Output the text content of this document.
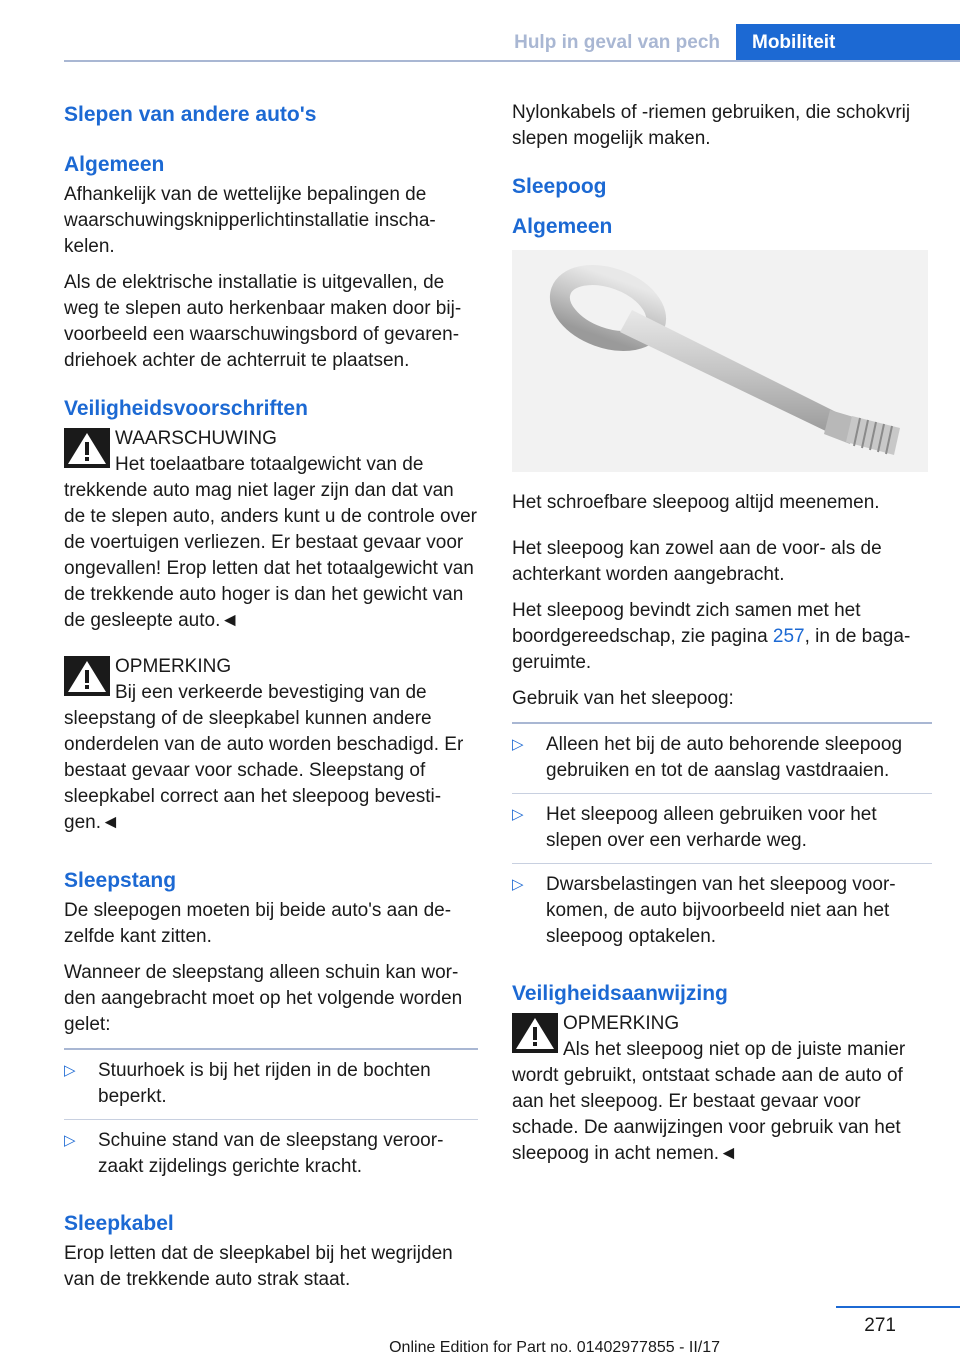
Hulp in geval van pech	Mobiliteit
Slepen van andere auto's
Algemeen

Afhankelijk van de wettelijke bepalingen de waarschuwingsknipperlichtinstallatie inschakelen.

Als de elektrische installatie is uitgevallen, de weg te slepen auto herkenbaar maken door bijvoorbeeld een waarschuwingsbord of gevarendriehoek achter de achterruit te plaatsen.

Veiligheidsvoorschriften
WAARSCHUWING
Het toelaatbare totaalgewicht van de trekkende auto mag niet lager zijn dan dat van de te slepen auto, anders kunt u de controle over de voertuigen verliezen. Er bestaat gevaar voor ongevallen! Erop letten dat het totaalgewicht van de trekkende auto hoger is dan het gewicht van de gesleepte auto.◄
OPMERKING
Bij een verkeerde bevestiging van de sleepstang of de sleepkabel kunnen andere onderdelen van de auto worden beschadigd. Er bestaat gevaar voor schade. Sleepstang of sleepkabel correct aan het sleepoog bevestigen.◄
Sleepstang

De sleepogen moeten bij beide auto's aan dezelfde kant zitten.

Wanneer de sleepstang alleen schuin kan worden aangebracht moet op het volgende worden gelet:

▷ Stuurhoek is bij het rijden in de bochten beperkt.
▷ Schuine stand van de sleepstang veroorzaakt zijdelings gerichte kracht.
Sleepkabel

Erop letten dat de sleepkabel bij het wegrijden van de trekkende auto strak staat.

Nylonkabels of -riemen gebruiken, die schokvrij slepen mogelijk maken.

Sleepoog
Algemeen

Het schroefbare sleepoog altijd meenemen.

Het sleepoog kan zowel aan de voor- als de achterkant worden aangebracht.

Het sleepoog bevindt zich samen met het boordgereedschap, zie pagina 257, in de bagageruimte.

Gebruik van het sleepoog:

▷ Alleen het bij de auto behorende sleepoog gebruiken en tot de aanslag vastdraaien.
▷ Het sleepoog alleen gebruiken voor het slepen over een verharde weg.
▷ Dwarsbelastingen van het sleepoog voorkomen, de auto bijvoorbeeld niet aan het sleepoog optakelen.
Veiligheidsaanwijzing
OPMERKING
Als het sleepoog niet op de juiste manier wordt gebruikt, ontstaat schade aan de auto of aan het sleepoog. Er bestaat gevaar voor schade. De aanwijzingen voor gebruik van het sleepoog in acht nemen.◄
271
Online Edition for Part no. 01402977855 - II/17
